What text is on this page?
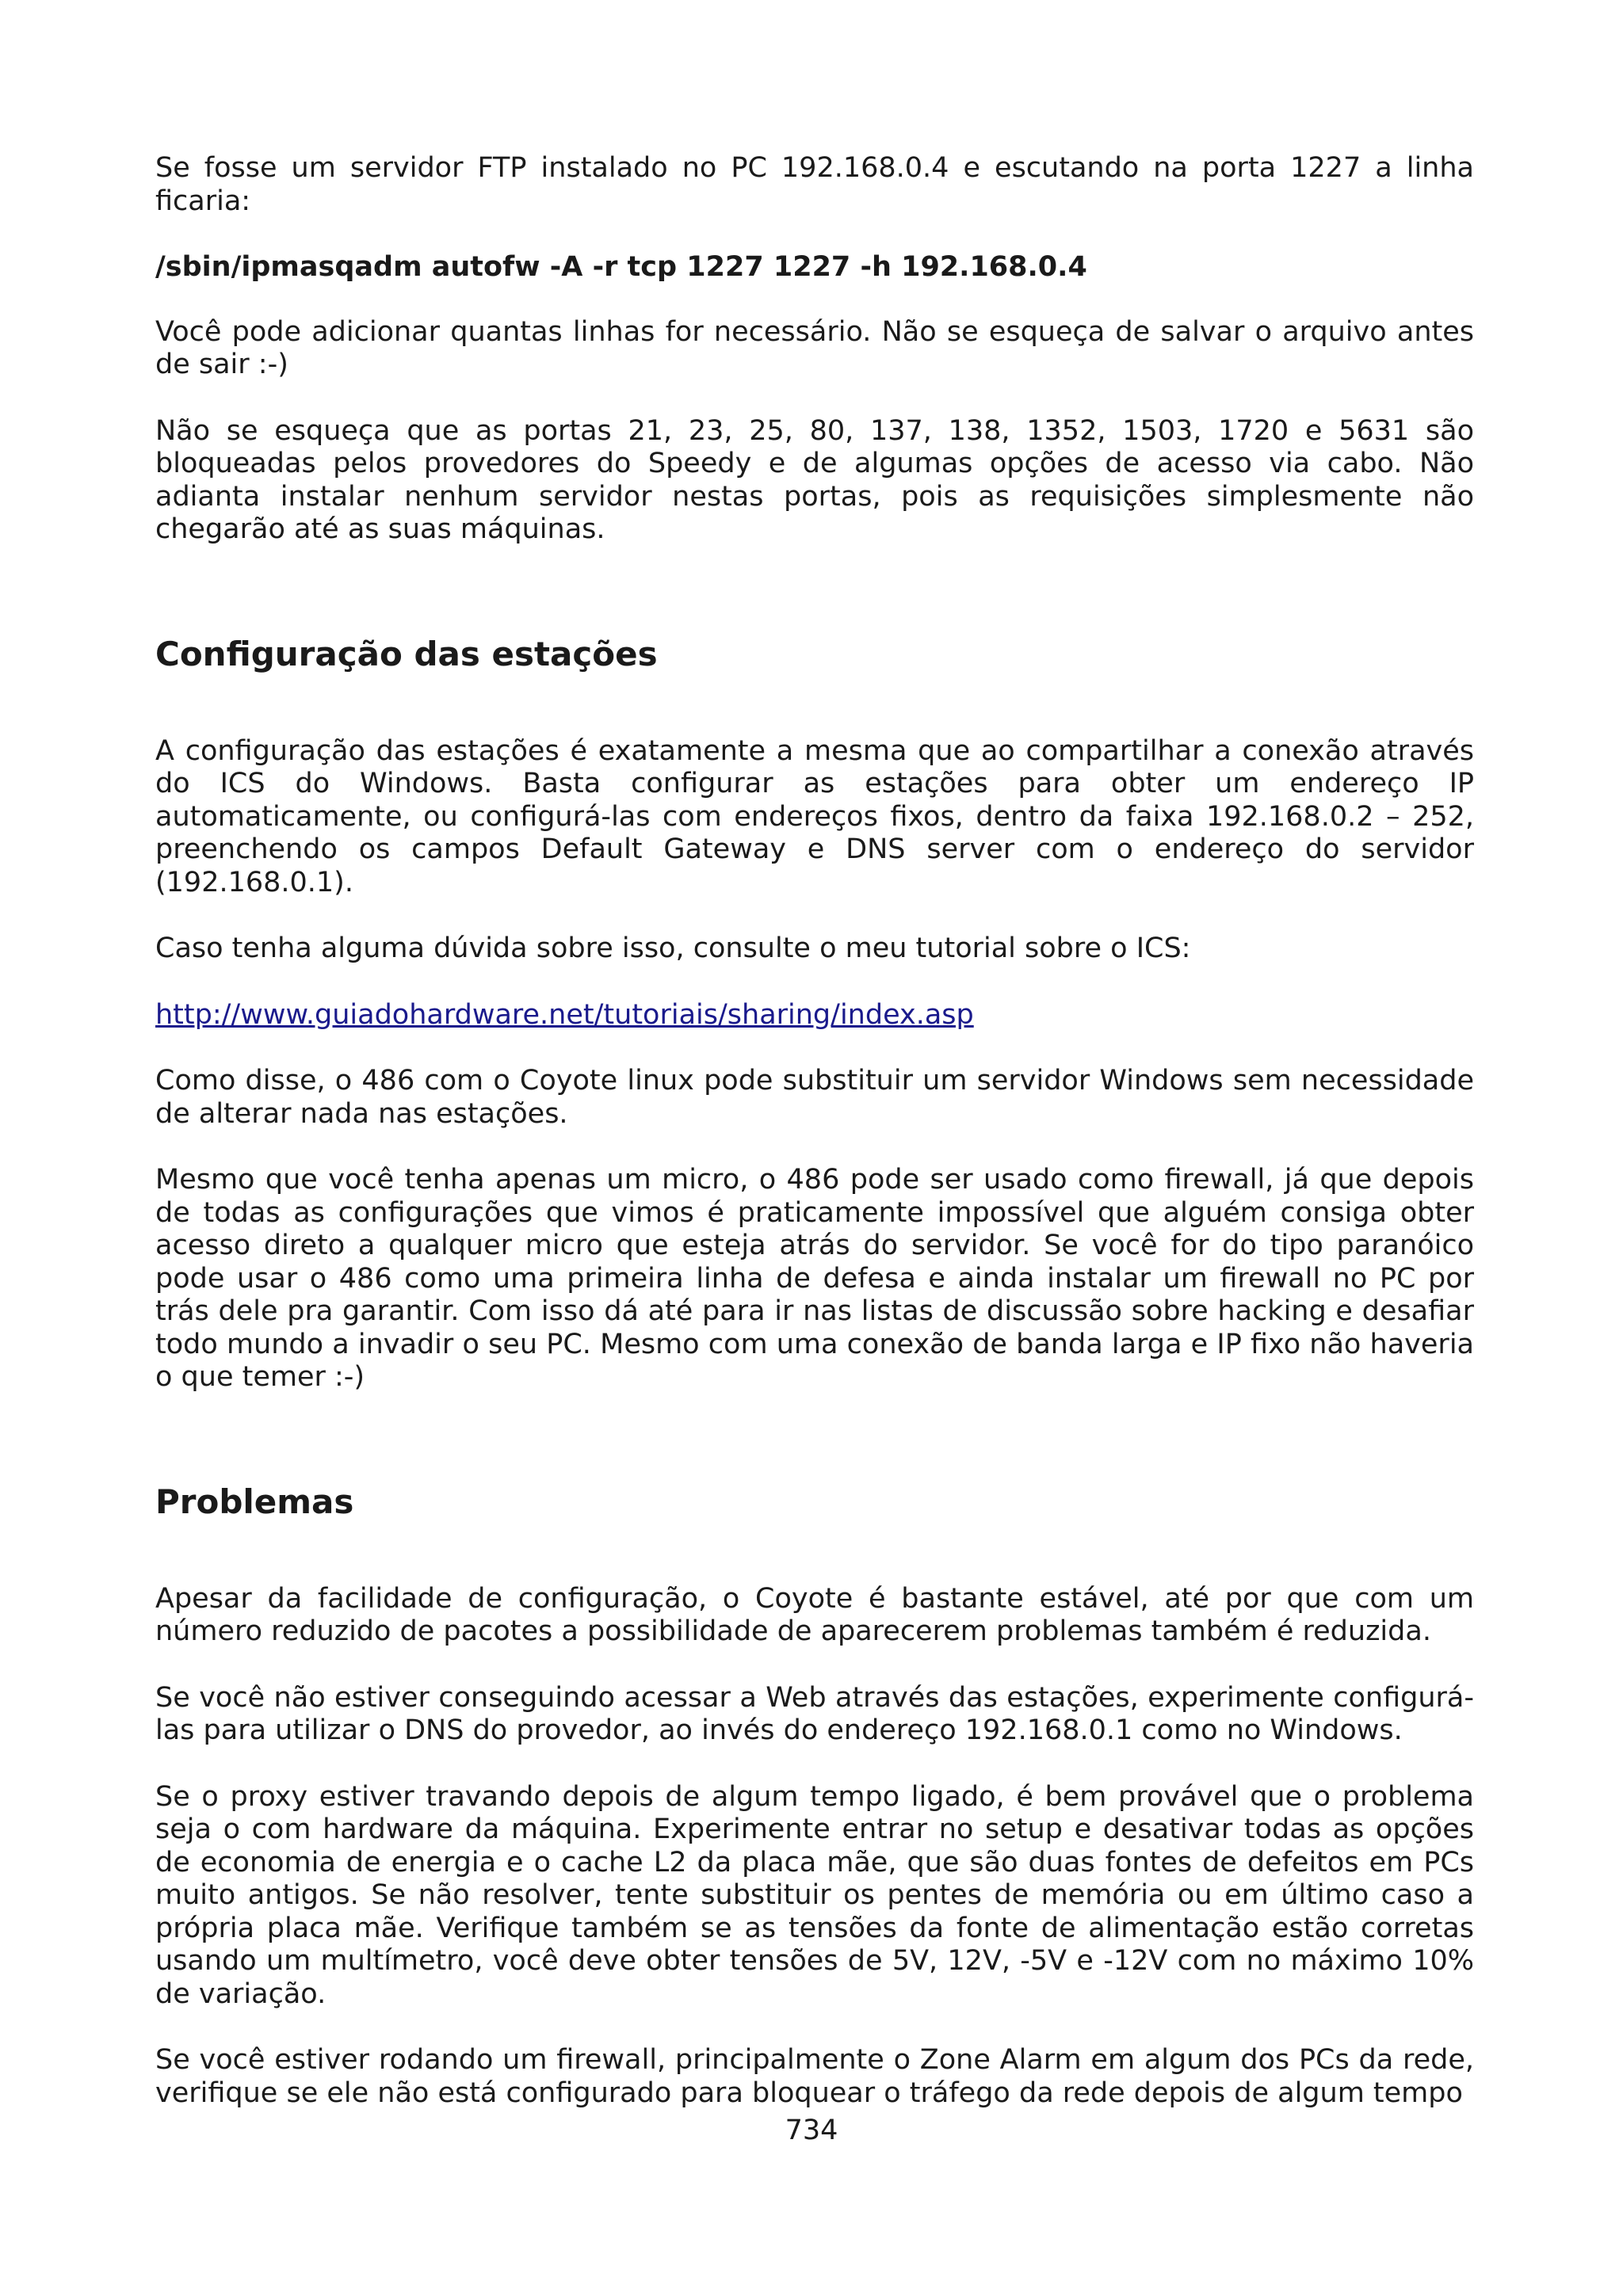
Se fosse um servidor FTP instalado no PC 192.168.0.4 e escutando na porta 1227 a linha ficaria:

/sbin/ipmasqadm autofw -A -r tcp 1227 1227 -h 192.168.0.4

Você pode adicionar quantas linhas for necessário. Não se esqueça de salvar o arquivo antes de sair :-)

Não se esqueça que as portas 21, 23, 25, 80, 137, 138, 1352, 1503, 1720 e 5631 são bloqueadas pelos provedores do Speedy e de algumas opções de acesso via cabo. Não adianta instalar nenhum servidor nestas portas, pois as requisições simplesmente não chegarão até as suas máquinas.

Configuração das estações

A configuração das estações é exatamente a mesma que ao compartilhar a conexão através do ICS do Windows. Basta configurar as estações para obter um endereço IP automaticamente, ou configurá-las com endereços fixos, dentro da faixa 192.168.0.2 – 252, preenchendo os campos Default Gateway e DNS server com o endereço do servidor (192.168.0.1).

Caso tenha alguma dúvida sobre isso, consulte o meu tutorial sobre o ICS:

http://www.guiadohardware.net/tutoriais/sharing/index.asp

Como disse, o 486 com o Coyote linux pode substituir um servidor Windows sem necessidade de alterar nada nas estações.

Mesmo que você tenha apenas um micro, o 486 pode ser usado como firewall, já que depois de todas as configurações que vimos é praticamente impossível que alguém consiga obter acesso direto a qualquer micro que esteja atrás do servidor. Se você for do tipo paranóico pode usar o 486 como uma primeira linha de defesa e ainda instalar um firewall no PC por trás dele pra garantir. Com isso dá até para ir nas listas de discussão sobre hacking e desafiar todo mundo a invadir o seu PC. Mesmo com uma conexão de banda larga e IP fixo não haveria o que temer :-)

Problemas

Apesar da facilidade de configuração, o Coyote é bastante estável, até por que com um número reduzido de pacotes a possibilidade de aparecerem problemas também é reduzida.

Se você não estiver conseguindo acessar a Web através das estações, experimente configurá-las para utilizar o DNS do provedor, ao invés do endereço 192.168.0.1 como no Windows.

Se o proxy estiver travando depois de algum tempo ligado, é bem provável que o problema seja o com hardware da máquina. Experimente entrar no setup e desativar todas as opções de economia de energia e o cache L2 da placa mãe, que são duas fontes de defeitos em PCs muito antigos. Se não resolver, tente substituir os pentes de memória ou em último caso a própria placa mãe. Verifique também se as tensões da fonte de alimentação estão corretas usando um multímetro, você deve obter tensões de 5V, 12V, -5V e -12V com no máximo 10% de variação.

Se você estiver rodando um firewall, principalmente o Zone Alarm em algum dos PCs da rede, verifique se ele não está configurado para bloquear o tráfego da rede depois de algum tempo

734
